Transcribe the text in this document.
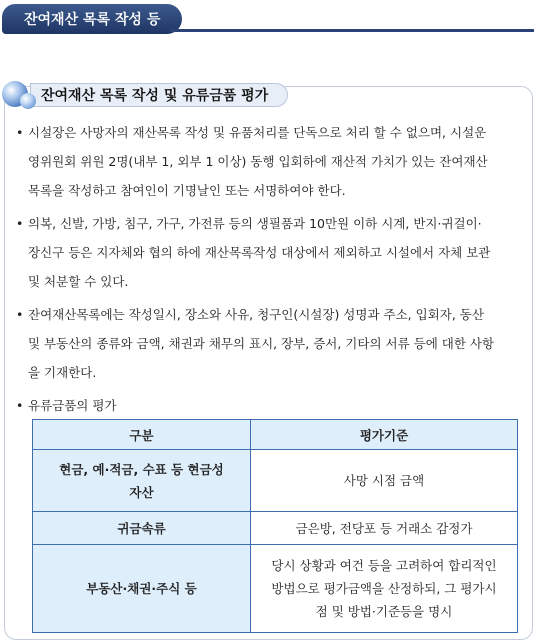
잔여재산 목록 작성 등
잔여재산 목록 작성 및 유류금품 평가
• 시설장은 사망자의 재산목록 작성 및 유품처리를 단독으로 처리 할 수 없으며, 시설운
영위원회 위원 2명(내부 1, 외부 1 이상) 동행 입회하에 재산적 가치가 있는 잔여재산
목록을 작성하고 참여인이 기명날인 또는 서명하여야 한다.
• 의복, 신발, 가방, 침구, 가구, 가전류 등의 생필품과 10만원 이하 시계, 반지·귀걸이·
장신구 등은 지자체와 협의 하에 재산목록작성 대상에서 제외하고 시설에서 자체 보관
및 처분할 수 있다.
• 잔여재산목록에는 작성일시, 장소와 사유, 청구인(시설장) 성명과 주소, 입회자, 동산
및 부동산의 종류와 금액, 채권과 채무의 표시, 장부, 증서, 기타의 서류 등에 대한 사항
을 기재한다.
• 유류금품의 평가
구분	평가기준

현금, 예·적금, 수표 등 현금성
자산	사망 시점 금액

귀금속류	금은방, 전당포 등 거래소 감정가

부동산·채권·주식 등	당시 상황과 여건 등을 고려하여 합리적인
방법으로 평가금액을 산정하되, 그 평가시
점 및 방법·기준등을 명시
